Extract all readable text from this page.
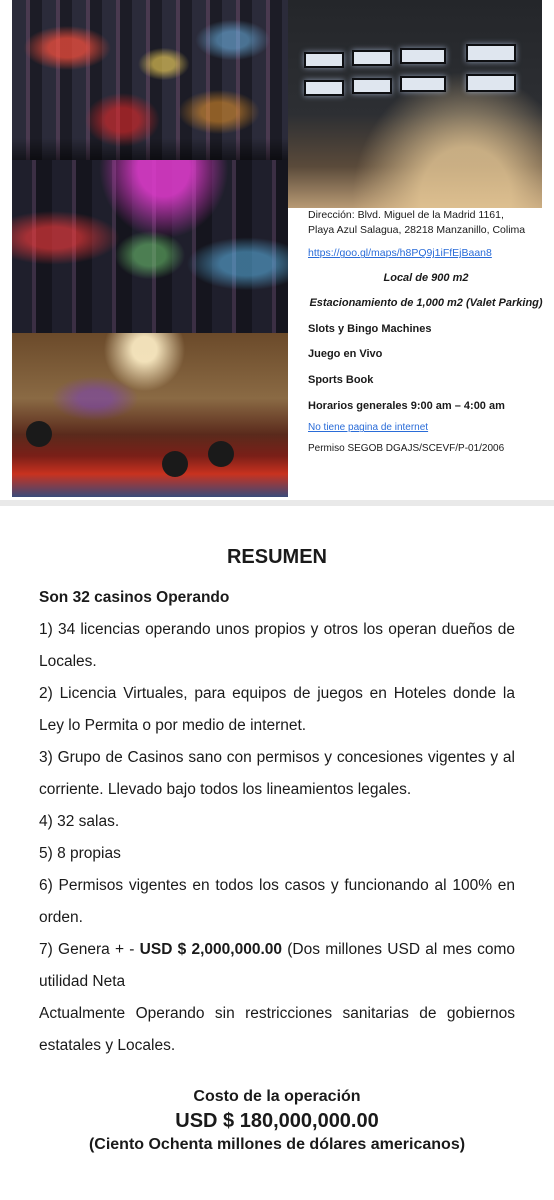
Dirección: Blvd. Miguel de la Madrid 1161,
Playa Azul Salagua, 28218 Manzanillo, Colima
https://goo.gl/maps/h8PQ9j1iFfEjBaan8
Local de 900 m2
Estacionamiento de 1,000 m2 (Valet Parking)
Slots y Bingo Machines
Juego en Vivo
Sports Book
Horarios generales 9:00 am – 4:00 am
No tiene pagina de internet
Permiso SEGOB DGAJS/SCEVF/P-01/2006
RESUMEN

Son 32 casinos Operando

1) 34 licencias operando unos propios y otros los operan dueños de Locales.

2) Licencia Virtuales, para equipos de juegos en Hoteles donde la Ley lo Permita o por medio de internet.

3) Grupo de Casinos sano con permisos y concesiones vigentes y al corriente. Llevado bajo todos los lineamientos legales.

4) 32 salas.

5) 8 propias

6) Permisos vigentes en todos los casos y funcionando al 100% en orden.

7) Genera + - USD $ 2,000,000.00 (Dos millones USD al mes como utilidad Neta

Actualmente Operando sin restricciones sanitarias de gobiernos estatales y Locales.

Costo de la operación
USD $ 180,000,000.00
(Ciento Ochenta millones de dólares americanos)
